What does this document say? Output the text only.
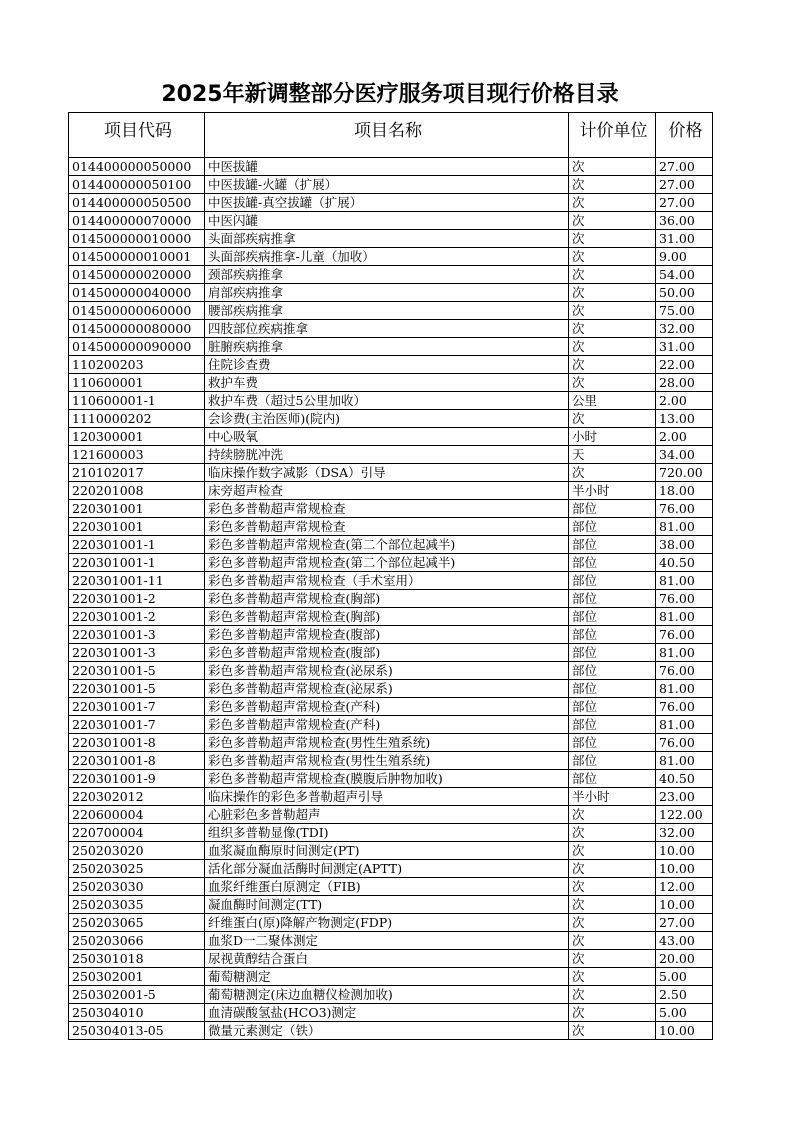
2025年新调整部分医疗服务项目现行价格目录
项目代码	项目名称	计价单位	价格
014400000050000	中医拔罐	次	27.00
014400000050100	中医拔罐-火罐（扩展）	次	27.00
014400000050500	中医拔罐-真空拔罐（扩展）	次	27.00
014400000070000	中医闪罐	次	36.00
014500000010000	头面部疾病推拿	次	31.00
014500000010001	头面部疾病推拿-儿童（加收）	次	9.00
014500000020000	颈部疾病推拿	次	54.00
014500000040000	肩部疾病推拿	次	50.00
014500000060000	腰部疾病推拿	次	75.00
014500000080000	四肢部位疾病推拿	次	32.00
014500000090000	脏腑疾病推拿	次	31.00
110200203	住院诊查费	次	22.00
110600001	救护车费	次	28.00
110600001-1	救护车费（超过5公里加收）	公里	2.00
1110000202	会诊费(主治医师)(院内)	次	13.00
120300001	中心吸氧	小时	2.00
121600003	持续膀胱冲洗	天	34.00
210102017	临床操作数字减影（DSA）引导	次	720.00
220201008	床旁超声检查	半小时	18.00
220301001	彩色多普勒超声常规检查	部位	76.00
220301001	彩色多普勒超声常规检查	部位	81.00
220301001-1	彩色多普勒超声常规检查(第二个部位起减半)	部位	38.00
220301001-1	彩色多普勒超声常规检查(第二个部位起减半)	部位	40.50
220301001-11	彩色多普勒超声常规检查（手术室用）	部位	81.00
220301001-2	彩色多普勒超声常规检查(胸部)	部位	76.00
220301001-2	彩色多普勒超声常规检查(胸部)	部位	81.00
220301001-3	彩色多普勒超声常规检查(腹部)	部位	76.00
220301001-3	彩色多普勒超声常规检查(腹部)	部位	81.00
220301001-5	彩色多普勒超声常规检查(泌尿系)	部位	76.00
220301001-5	彩色多普勒超声常规检查(泌尿系)	部位	81.00
220301001-7	彩色多普勒超声常规检查(产科)	部位	76.00
220301001-7	彩色多普勒超声常规检查(产科)	部位	81.00
220301001-8	彩色多普勒超声常规检查(男性生殖系统)	部位	76.00
220301001-8	彩色多普勒超声常规检查(男性生殖系统)	部位	81.00
220301001-9	彩色多普勒超声常规检查(膜腹后肿物加收)	部位	40.50
220302012	临床操作的彩色多普勒超声引导	半小时	23.00
220600004	心脏彩色多普勒超声	次	122.00
220700004	组织多普勒显像(TDI)	次	32.00
250203020	血浆凝血酶原时间测定(PT)	次	10.00
250203025	活化部分凝血活酶时间测定(APTT)	次	10.00
250203030	血浆纤维蛋白原测定（FIB)	次	12.00
250203035	凝血酶时间测定(TT)	次	10.00
250203065	纤维蛋白(原)降解产物测定(FDP)	次	27.00
250203066	血浆D一二聚体测定	次	43.00
250301018	尿视黄醇结合蛋白	次	20.00
250302001	葡萄糖测定	次	5.00
250302001-5	葡萄糖测定(床边血糖仪检测加收)	次	2.50
250304010	血清碳酸氢盐(HCO3)测定	次	5.00
250304013-05	微量元素测定（铁）	次	10.00
